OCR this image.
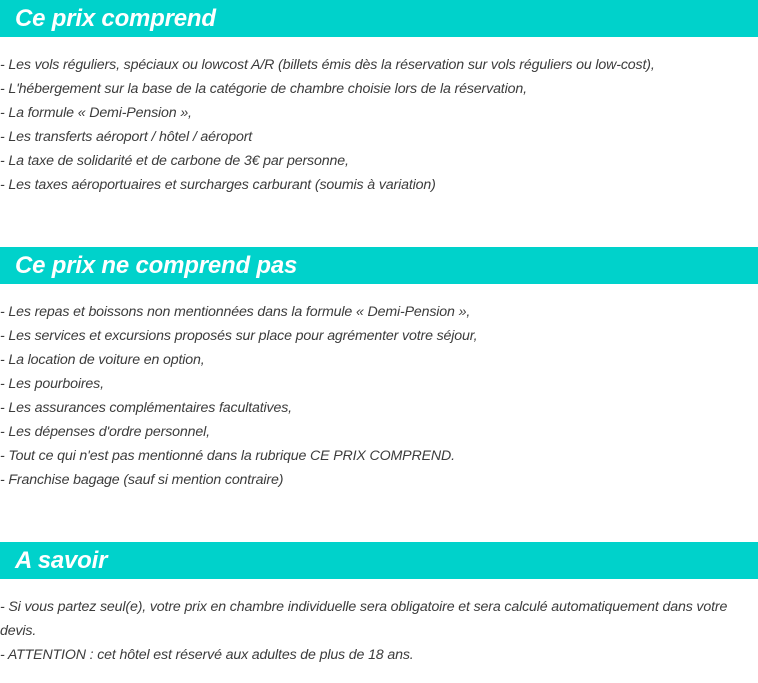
Ce prix comprend
- Les vols réguliers, spéciaux ou lowcost A/R (billets émis dès la réservation sur vols réguliers ou low-cost),
- L'hébergement sur la base de la catégorie de chambre choisie lors de la réservation,
- La formule « Demi-Pension »,
- Les transferts aéroport / hôtel / aéroport
- La taxe de solidarité et de carbone de 3€ par personne,
- Les taxes aéroportuaires et surcharges carburant (soumis à variation)
Ce prix ne comprend pas
- Les repas et boissons non mentionnées dans la formule « Demi-Pension »,
- Les services et excursions proposés sur place pour agrémenter votre séjour,
- La location de voiture en option,
- Les pourboires,
- Les assurances complémentaires facultatives,
- Les dépenses d'ordre personnel,
- Tout ce qui n'est pas mentionné dans la rubrique CE PRIX COMPREND.
- Franchise bagage (sauf si mention contraire)
A savoir
- Si vous partez seul(e), votre prix en chambre individuelle sera obligatoire et sera calculé automatiquement dans votre devis.
- ATTENTION : cet hôtel est réservé aux adultes de plus de 18 ans.
